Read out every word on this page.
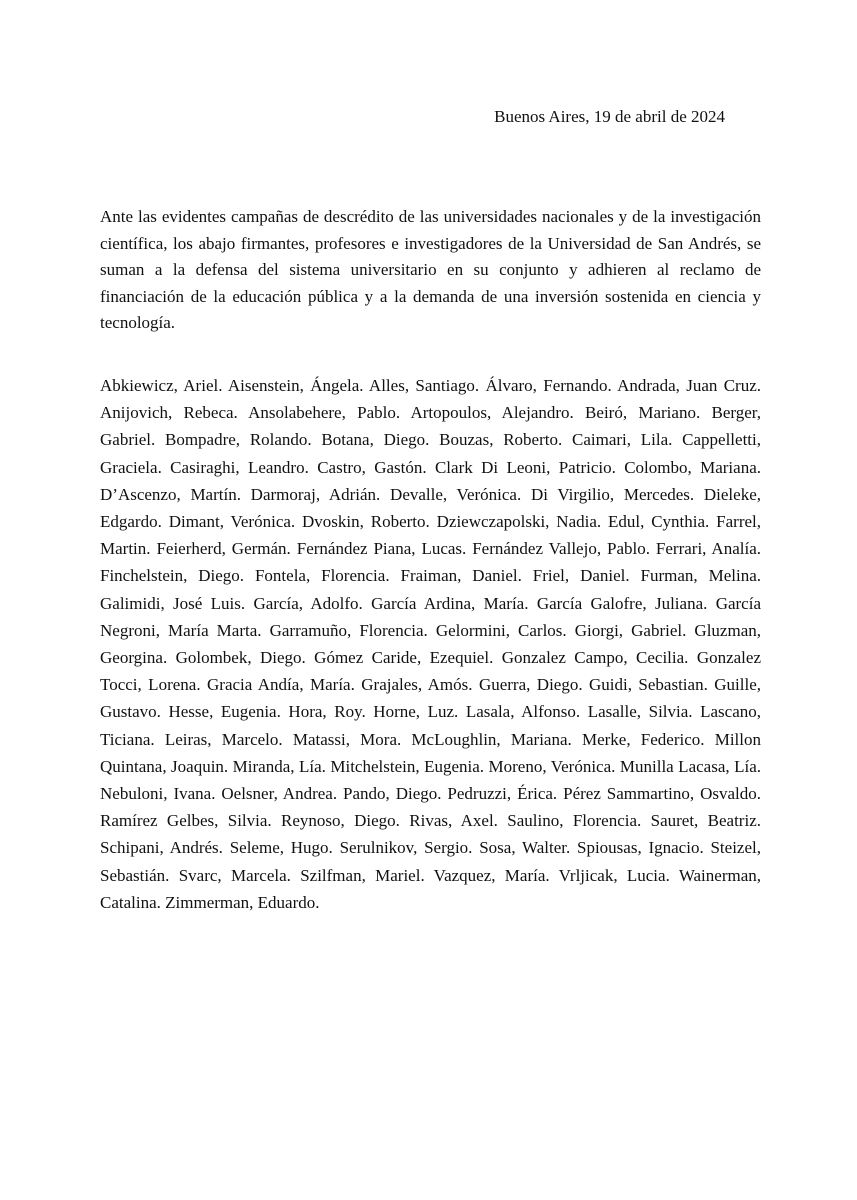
Buenos Aires, 19 de abril de 2024

Ante las evidentes campañas de descrédito de las universidades nacionales y de la investigación científica, los abajo firmantes, profesores e investigadores de la Universidad de San Andrés, se suman a la defensa del sistema universitario en su conjunto y adhieren al reclamo de financiación de la educación pública y a la demanda de una inversión sostenida en ciencia y tecnología.

Abkiewicz, Ariel. Aisenstein, Ángela. Alles, Santiago. Álvaro, Fernando. Andrada, Juan Cruz. Anijovich, Rebeca. Ansolabehere, Pablo. Artopoulos, Alejandro. Beiró, Mariano. Berger, Gabriel. Bompadre, Rolando. Botana, Diego. Bouzas, Roberto. Caimari, Lila. Cappelletti, Graciela. Casiraghi, Leandro. Castro, Gastón. Clark Di Leoni, Patricio. Colombo, Mariana. D’Ascenzo, Martín. Darmoraj, Adrián. Devalle, Verónica. Di Virgilio, Mercedes. Dieleke, Edgardo. Dimant, Verónica. Dvoskin, Roberto. Dziewczapolski, Nadia. Edul, Cynthia. Farrel, Martin. Feierherd, Germán. Fernández Piana, Lucas. Fernández Vallejo, Pablo. Ferrari, Analía. Finchelstein, Diego. Fontela, Florencia. Fraiman, Daniel. Friel, Daniel. Furman, Melina. Galimidi, José Luis. García, Adolfo. García Ardina, María. García Galofre, Juliana. García Negroni, María Marta. Garramuño, Florencia. Gelormini, Carlos. Giorgi, Gabriel. Gluzman, Georgina. Golombek, Diego. Gómez Caride, Ezequiel. Gonzalez Campo, Cecilia. Gonzalez Tocci, Lorena. Gracia Andía, María. Grajales, Amós. Guerra, Diego. Guidi, Sebastian. Guille, Gustavo. Hesse, Eugenia. Hora, Roy. Horne, Luz. Lasala, Alfonso. Lasalle, Silvia. Lascano, Ticiana. Leiras, Marcelo. Matassi, Mora. McLoughlin, Mariana. Merke, Federico. Millon Quintana, Joaquin. Miranda, Lía. Mitchelstein, Eugenia. Moreno, Verónica. Munilla Lacasa, Lía. Nebuloni, Ivana. Oelsner, Andrea. Pando, Diego. Pedruzzi, Érica. Pérez Sammartino, Osvaldo. Ramírez Gelbes, Silvia. Reynoso, Diego. Rivas, Axel. Saulino, Florencia. Sauret, Beatriz. Schipani, Andrés. Seleme, Hugo. Serulnikov, Sergio. Sosa, Walter. Spiousas, Ignacio. Steizel, Sebastián. Svarc, Marcela. Szilfman, Mariel. Vazquez, María. Vrljicak, Lucia. Wainerman, Catalina. Zimmerman, Eduardo.
